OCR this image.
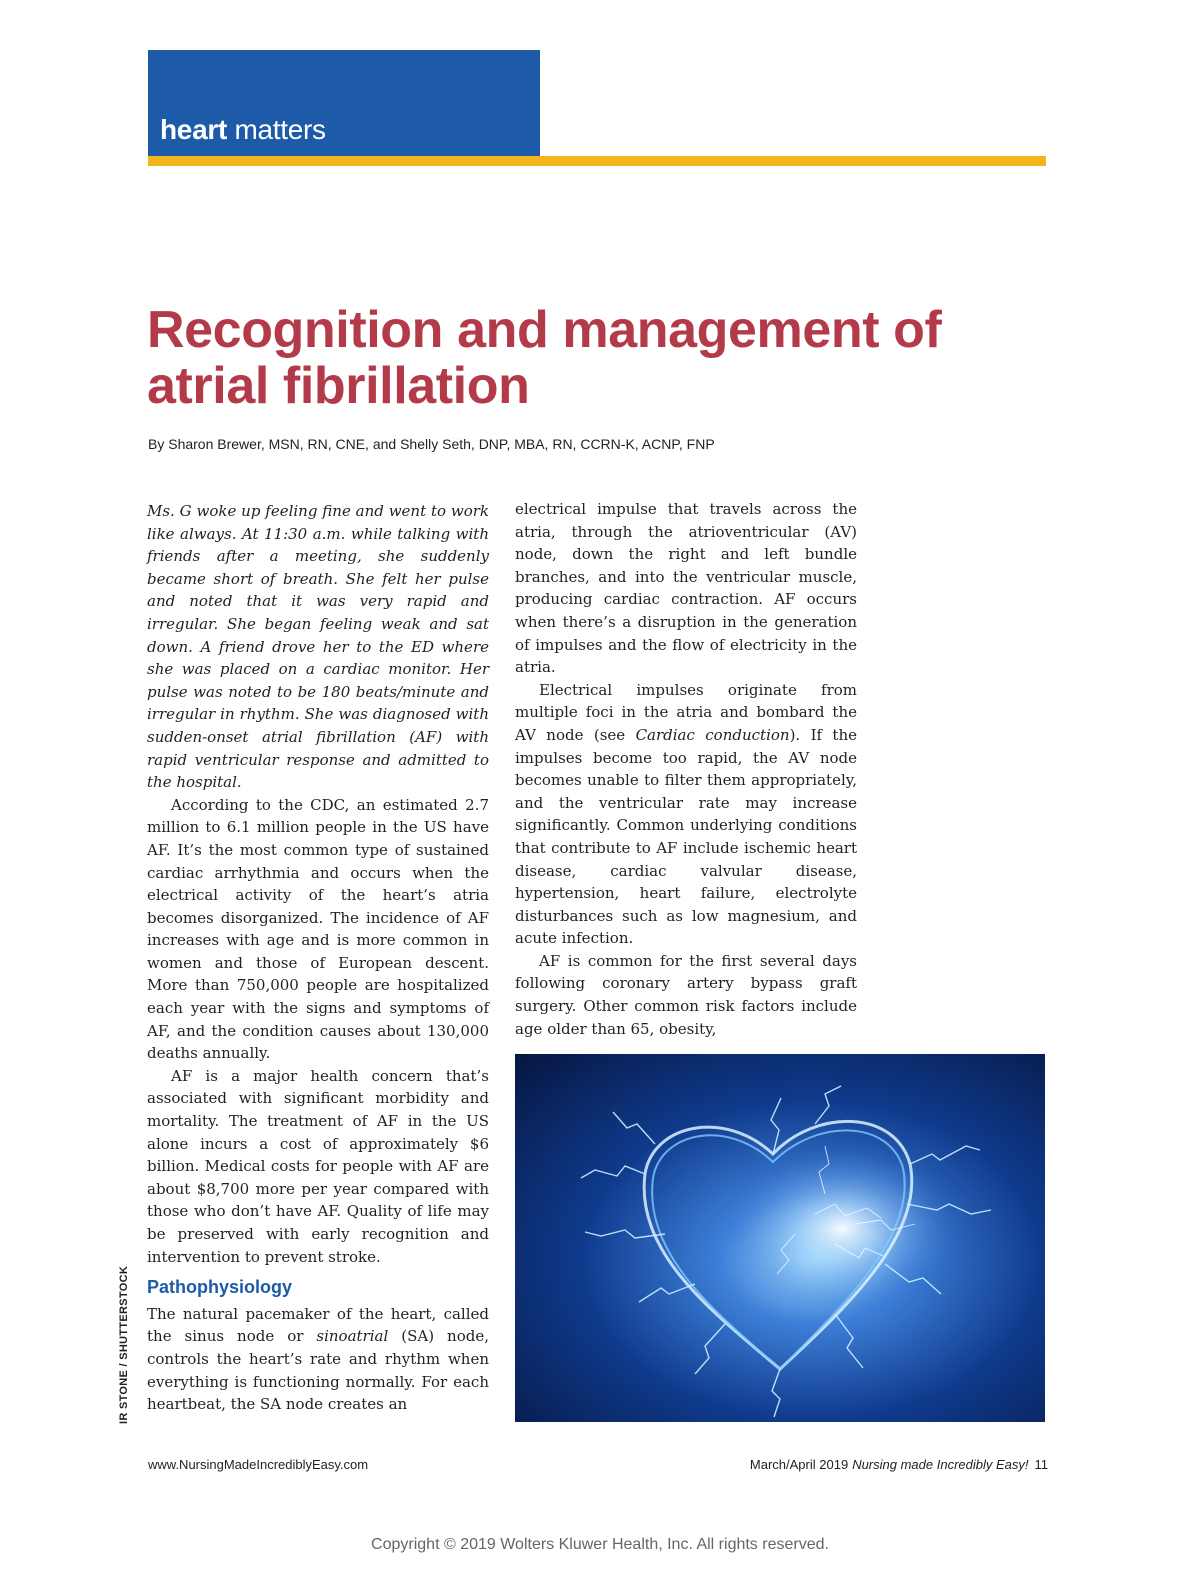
heart matters
Recognition and management of atrial fibrillation
By Sharon Brewer, MSN, RN, CNE, and Shelly Seth, DNP, MBA, RN, CCRN-K, ACNP, FNP

Ms. G woke up feeling fine and went to work like always. At 11:30 a.m. while talking with friends after a meeting, she suddenly became short of breath. She felt her pulse and noted that it was very rapid and irregular. She began feeling weak and sat down. A friend drove her to the ED where she was placed on a cardiac monitor. Her pulse was noted to be 180 beats/minute and irregular in rhythm. She was diagnosed with sudden-onset atrial fibrillation (AF) with rapid ventricular response and admitted to the hospital.

According to the CDC, an estimated 2.7 million to 6.1 million people in the US have AF. It’s the most common type of sustained cardiac arrhythmia and occurs when the electrical activity of the heart’s atria becomes disorganized. The incidence of AF increases with age and is more common in women and those of European descent. More than 750,000 people are hospitalized each year with the signs and symptoms of AF, and the condition causes about 130,000 deaths annually.

AF is a major health concern that’s associated with significant morbidity and mortality. The treatment of AF in the US alone incurs a cost of approximately $6 billion. Medical costs for people with AF are about $8,700 more per year compared with those who don’t have AF. Quality of life may be preserved with early recognition and intervention to prevent stroke.

Pathophysiology

The natural pacemaker of the heart, called the sinus node or sinoatrial (SA) node, controls the heart’s rate and rhythm when everything is functioning normally. For each heartbeat, the SA node creates an

electrical impulse that travels across the atria, through the atrioventricular (AV) node, down the right and left bundle branches, and into the ventricular muscle, producing cardiac contraction. AF occurs when there’s a disruption in the generation of impulses and the flow of electricity in the atria.

Electrical impulses originate from multiple foci in the atria and bombard the AV node (see Cardiac conduction). If the impulses become too rapid, the AV node becomes unable to filter them appropriately, and the ventricular rate may increase significantly. Common underlying conditions that contribute to AF include ischemic heart disease, cardiac valvular disease, hypertension, heart failure, electrolyte disturbances such as low magnesium, and acute infection.

AF is common for the first several days following coronary artery bypass graft surgery. Other common risk factors include age older than 65, obesity,

IR STONE / SHUTTERSTOCK
www.NursingMadeIncrediblyEasy.com	March/April 2019 Nursing made Incredibly Easy! 11
Copyright © 2019 Wolters Kluwer Health, Inc. All rights reserved.
